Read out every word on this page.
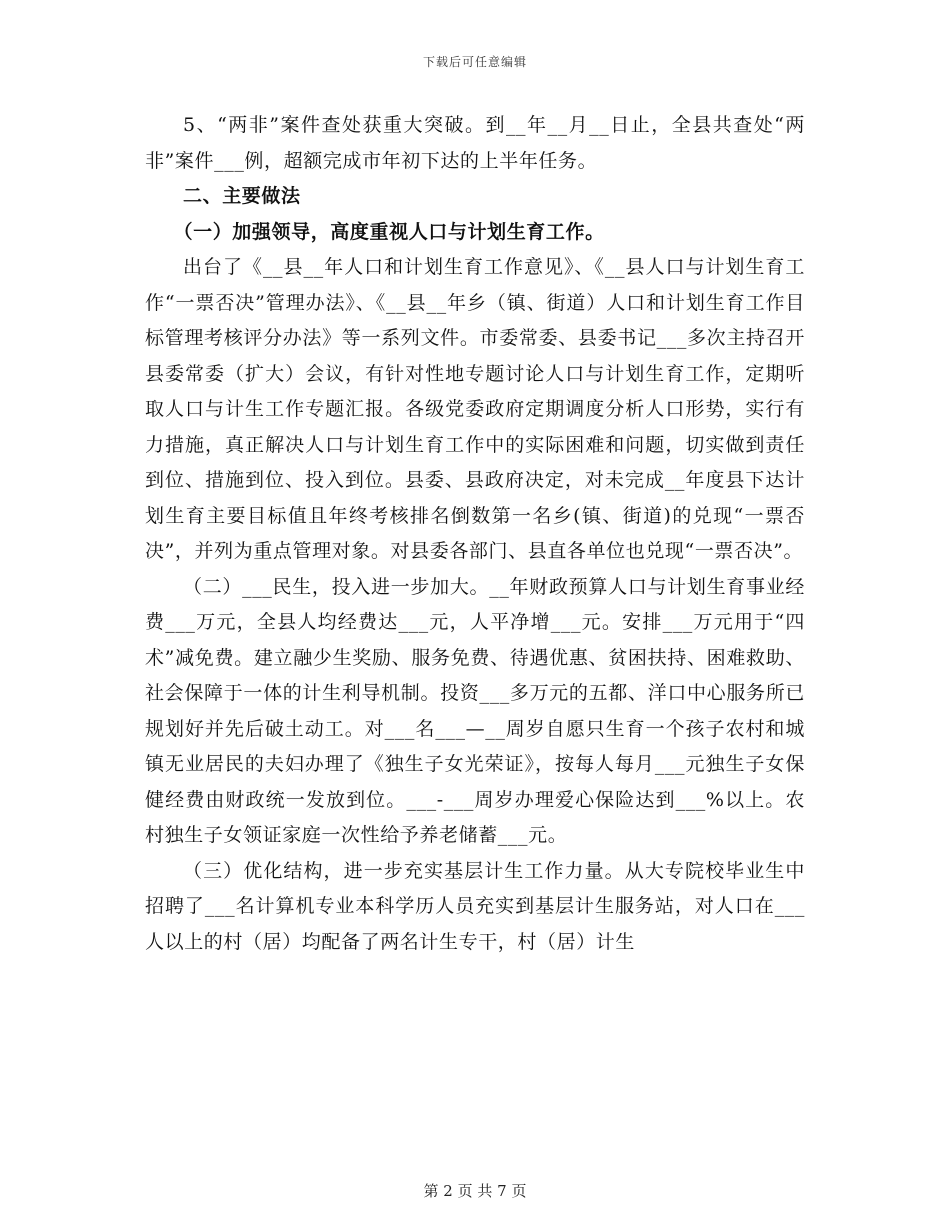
下载后可任意编辑

5、“两非”案件查处获重大突破。到__年__月__日止，全县共查处“两非”案件___例，超额完成市年初下达的上半年任务。

二、主要做法

（一）加强领导，高度重视人口与计划生育工作。

出台了《__县__年人口和计划生育工作意见》、《__县人口与计划生育工作“一票否决”管理办法》、《__县__年乡（镇、街道）人口和计划生育工作目标管理考核评分办法》等一系列文件。市委常委、县委书记___多次主持召开县委常委（扩大）会议，有针对性地专题讨论人口与计划生育工作，定期听取人口与计生工作专题汇报。各级党委政府定期调度分析人口形势，实行有力措施，真正解决人口与计划生育工作中的实际困难和问题，切实做到责任到位、措施到位、投入到位。县委、县政府决定，对未完成__年度县下达计划生育主要目标值且年终考核排名倒数第一名乡(镇、街道)的兑现“一票否决”，并列为重点管理对象。对县委各部门、县直各单位也兑现“一票否决”。

（二）___民生，投入进一步加大。__年财政预算人口与计划生育事业经费___万元，全县人均经费达___元，人平净增___元。安排___万元用于“四术”减免费。建立融少生奖励、服务免费、待遇优惠、贫困扶持、困难救助、社会保障于一体的计生利导机制。投资___多万元的五都、洋口中心服务所已规划好并先后破土动工。对___名___—__周岁自愿只生育一个孩子农村和城镇无业居民的夫妇办理了《独生子女光荣证》，按每人每月___元独生子女保健经费由财政统一发放到位。___-___周岁办理爱心保险达到___%以上。农村独生子女领证家庭一次性给予养老储蓄___元。

（三）优化结构，进一步充实基层计生工作力量。从大专院校毕业生中招聘了___名计算机专业本科学历人员充实到基层计生服务站，对人口在___人以上的村（居）均配备了两名计生专干，村（居）计生

第 2 页 共 7 页
